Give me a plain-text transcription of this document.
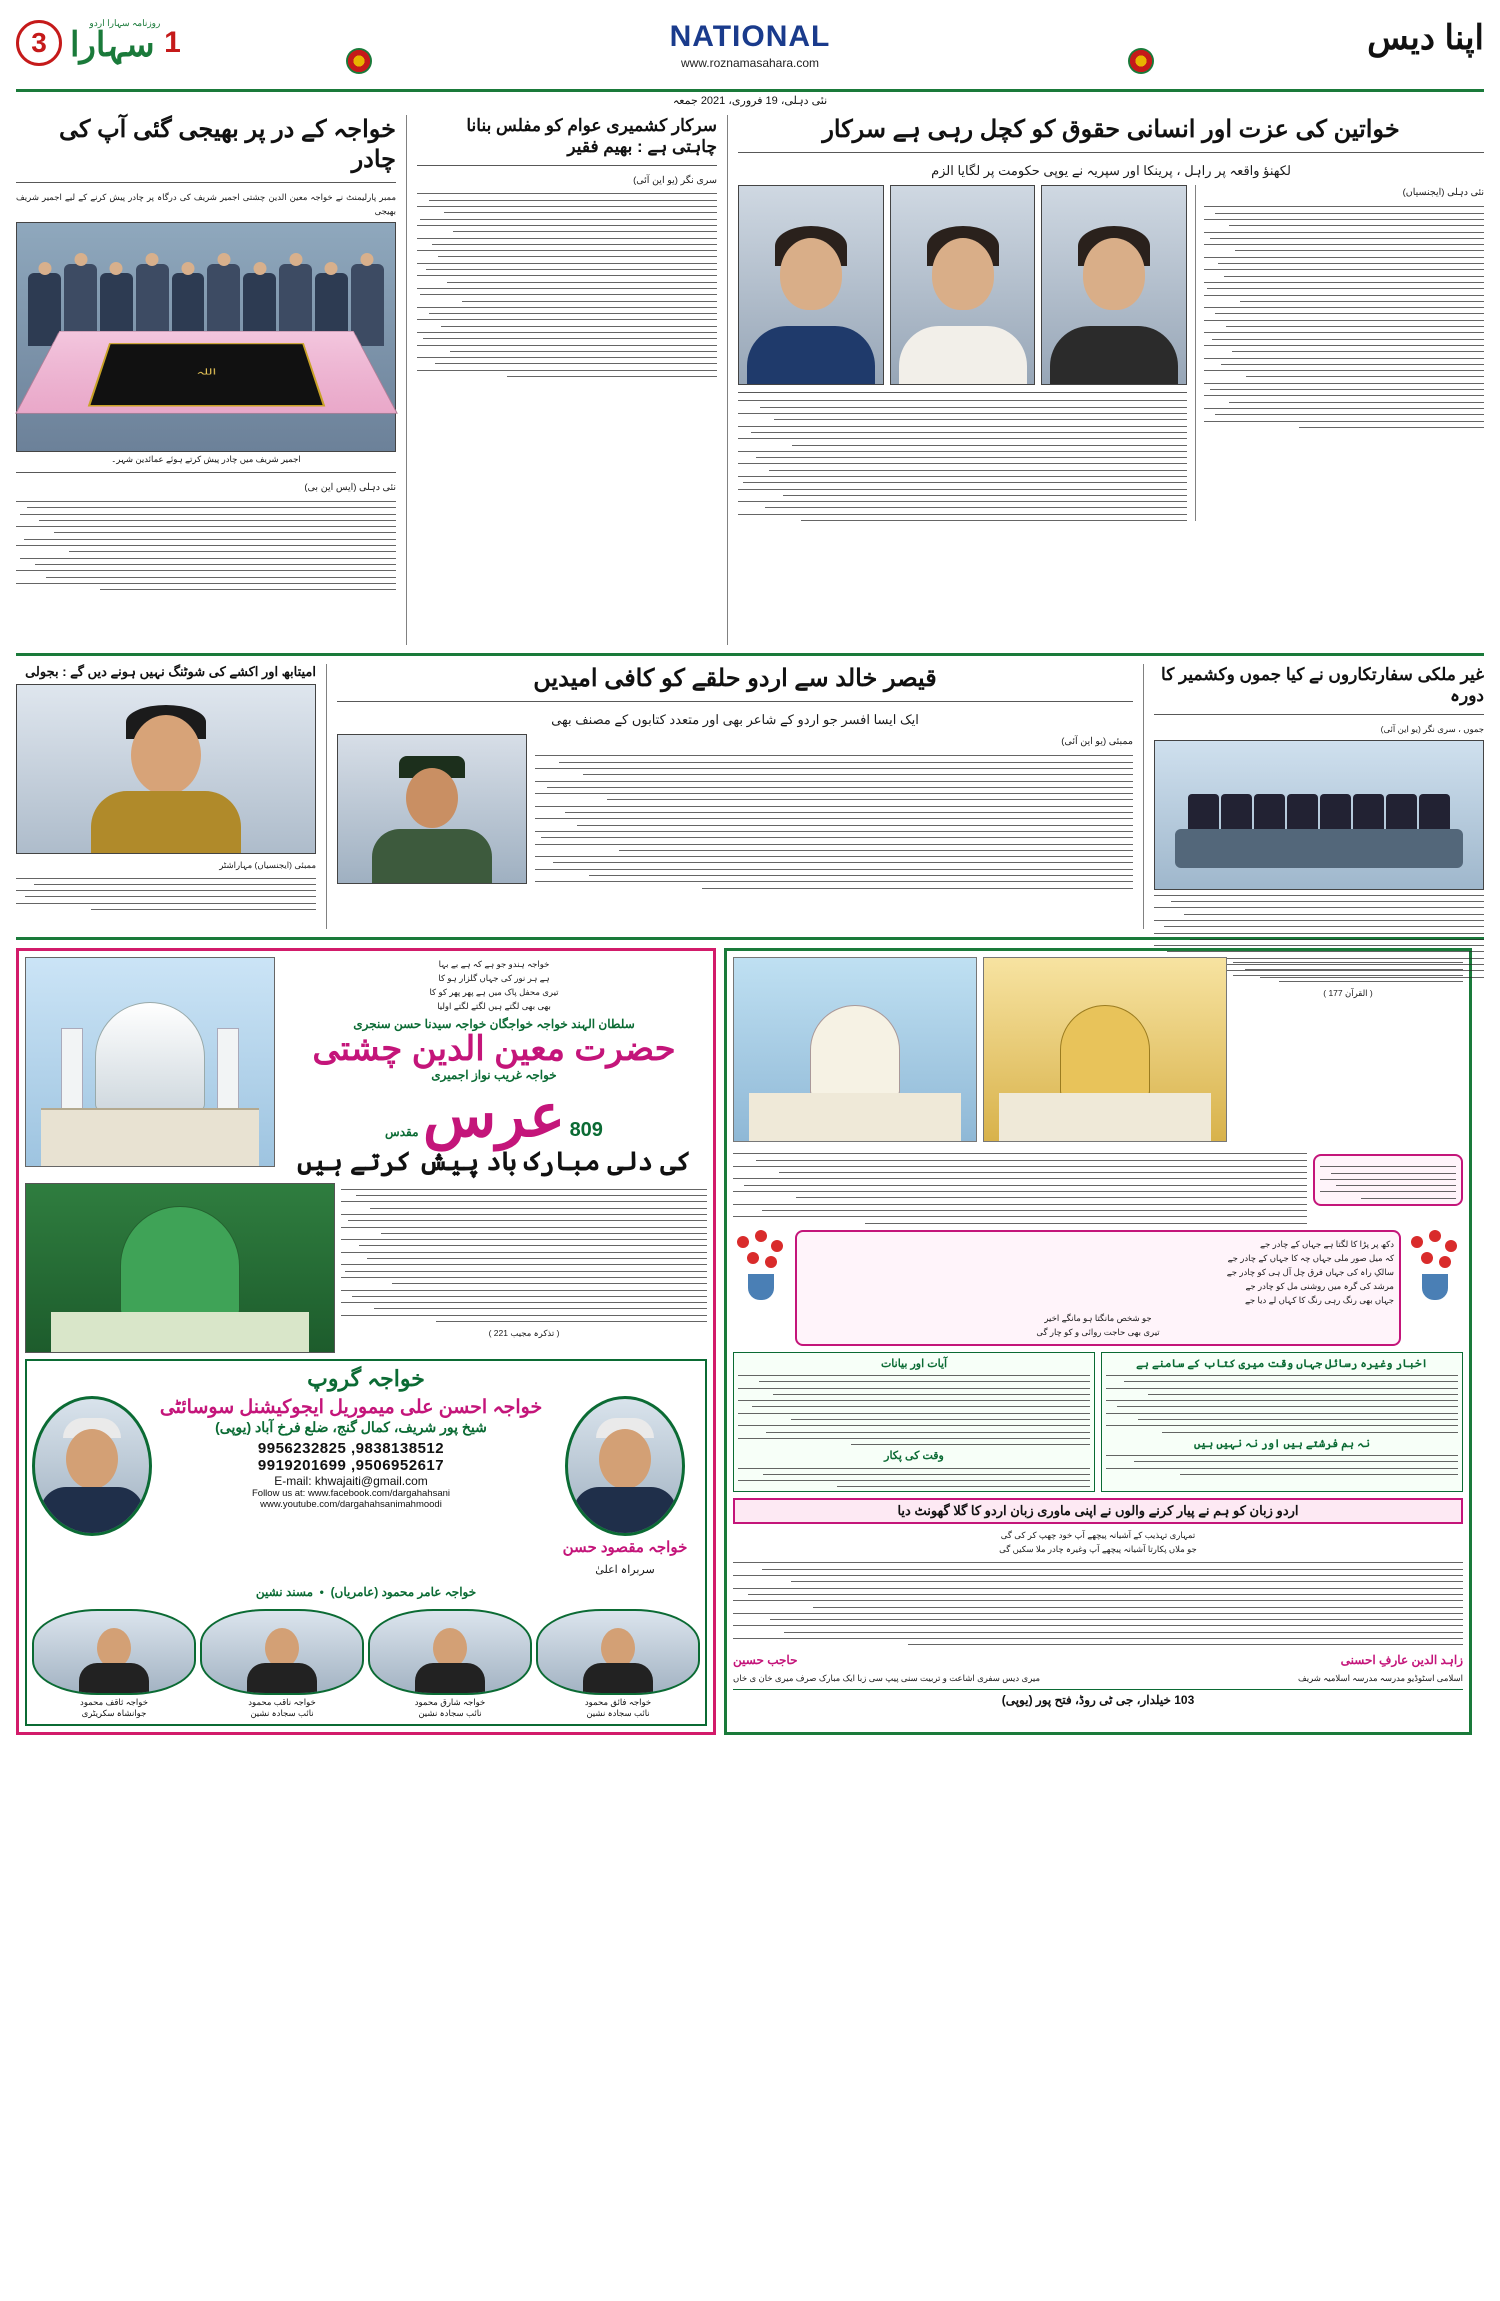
3
روزنامہ سہارا اردو
1 سہارا	NATIONAL
www.roznamasahara.com
اپنا دیس
نئی دہلی، 19 فروری، 2021 جمعہ
خواجہ کے در پر بھیجی گئی آپ کی چادر
ممبر پارلیمنٹ نے خواجہ معین الدین چشتی اجمیر شریف کی درگاہ پر چادر پیش کرنے کے لیے اجمیر شریف بھیجی
اللہ
اجمیر شریف میں چادر پیش کرتے ہوئے عمائدین شہر۔
نئی دہلی (ایس این بی)
سرکار کشمیری عوام کو مفلس بنانا چاہتی ہے : بھیم فقیر
سری نگر (یو این آئی)
خواتین کی عزت اور انسانی حقوق کو کچل رہی ہے سرکار
لکھنؤ واقعہ پر راہل ، پرینکا اور سپریہ نے یوپی حکومت پر لگایا الزم
نئی دہلی (ایجنسیاں)
امیتابھ اور اکشے کی شوٹنگ نہیں ہونے دیں گے : بجولی
ممبئی (ایجنسیاں) مہاراشٹر
قیصر خالد سے اردو حلقے کو کافی امیدیں
ایک ایسا افسر جو اردو کے شاعر بھی اور متعدد کتابوں کے مصنف بھی
ممبئی (یو این آئی)
غیر ملکی سفارتکاروں نے کیا جموں وکشمیر کا دورہ
جموں ، سری نگر (یو این آئی)
خواجہ ہندو جو ہے کہ ہے بے بہا
ہے ہر نور کی جہاں گلزار ہو کا
تیری محفل پاک میں ہے پھر پھر کو کا
بھی بھی لگتے ہیں لگتے لگتے اولیا
سلطان الہند خواجہ خواجگان خواجہ سیدنا حسن سنجری
حضرت معین الدین چشتی
خواجہ غریب نواز اجمیری
809 عرس مقدس
کی دلی مبارک باد پیش کرتے ہیں
( تذکرہ مجیب 221 )
خواجہ گروپ
خواجہ احسن علی میموریل ایجوکیشنل سوسائٹی
شیخ پور شریف، کمال گنج، ضلع فرخ آباد (یوپی)
9838138512, 9956232825
9506952617, 9919201699
E-mail: khwajaiti@gmail.com
Follow us at: www.facebook.com/dargahahsani
www.youtube.com/dargahahsanimahmoodi
خواجہ مقصود حسن
سربراہ اعلیٰ
خواجہ عامر محمود (عامریاں)  •  مسند نشین
خواجہ ثاقف محمود
جوانشاہ سکریٹری
خواجہ ناقب محمود
نائب سجادہ نشین
خواجہ شارق محمود
نائب سجادہ نشین
خواجہ فائق محمود
نائب سجادہ نشین
( القرآن 177 )
دکھ پر پڑا کا لگتا ہے جہاں کے چادر جے
کہ میل صور ملی جہاں چہ کا جہاں کے چادر جے
سالکِ راہ کی جہاں فرق چل آل ہی کو چادر جے
مرشد کی گرہ میں روشنی مل کو چادر جے
جہاں بھی رنگ رہی رنگ کا کہاں لے دیا جے
جو شخص مانگتا ہو مانگے اخیر
تیری بھی حاجت روائی و کو چار گی
آیات اور بیانات
وقت کی پکار
اخبار وغیرہ رسائل جہاں وقت میری کتاب کے سامنے ہے
نہ ہم فرشتے ہیں اور نہ نہیں ہیں
اردو زبان کو ہم نے پیار کرنے والوں نے اپنی ماوری زبان اردو کا گلا گھونٹ دیا
تمہاری تہذیب کے آشیانہ پیچھے آپ خود چھپ کر کی گی
جو ملاں پکارتا آشیانہ پیچھے آپ وغیرہ چادر ملا سکیں گی
زاہد الدین عارفِ احسنی
اسلامی اسٹوڈیو مدرسہ مدرسہ اسلامیہ شریف
حاجب حسین
میری دیس سفری اشاعت و تربیت سنی پیپ سی زبا ایک مبارک صرف میری خان ی خاں
103 خیلدار، جی ٹی روڈ، فتح پور (یوپی)
